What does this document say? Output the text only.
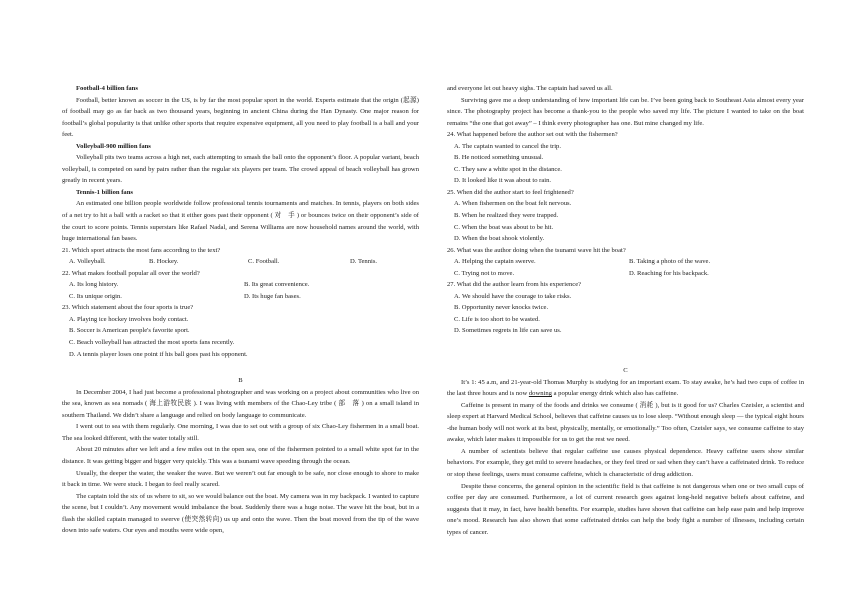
Football-4 billion fans

Football, better known as soccer in the US, is by far the most popular sport in the world. Experts estimate that the origin (起源) of football may go as far back as two thousand years, beginning in ancient China during the Han Dynasty. One major reason for football’s global popularity is that unlike other sports that require expensive equipment, all you need to play football is a ball and your feet.

Volleyball-900 million fans

Volleyball pits two teams across a high net, each attempting to smash the ball onto the opponent’s floor. A popular variant, beach volleyball, is competed on sand by pairs rather than the regular six players per team. The crowd appeal of beach volleyball has grown greatly in recent years.

Tennis-1 billion fans

An estimated one billion people worldwide follow professional tennis tournaments and matches. In tennis, players on both sides of a net try to hit a ball with a racket so that it either goes past their opponent ( 对　手 ) or bounces twice on their opponent’s side of the court to score points. Tennis superstars like Rafael Nadal, and Serena Williams are now household names around the world, with huge international fan bases.

21. Which sport attracts the most fans according to the text?
A. Volleyball.	B. Hockey.	C. Football.	D. Tennis.
22. What makes football popular all over the world?
A. Its long history.	B. Its great convenience.
C. Its unique origin.	D. Its huge fan bases.
23. Which statement about the four sports is true?
A. Playing ice hockey involves body contact.
B. Soccer is American people's favorite sport.
C. Beach volleyball has attracted the most sports fans recently.
D. A tennis player loses one point if his ball goes past his opponent.
B

In December 2004, I had just become a professional photographer and was working on a project about communities who live on the sea, known as sea nomads ( 海上游牧民族 ). I was living with members of the Chao-Ley tribe ( 部　落 ) on a small island in southern Thailand. We didn’t share a language and relied on body language to communicate.

I went out to sea with them regularly. One morning, I was due to set out with a group of six Chao-Ley fishermen in a small boat. The sea looked different, with the water totally still.

About 20 minutes after we left and a few miles out in the open sea, one of the fishermen pointed to a small white spot far in the distance. It was getting bigger and bigger very quickly. This was a tsunami wave speeding through the ocean.

Usually, the deeper the water, the weaker the wave. But we weren’t out far enough to be safe, nor close enough to shore to make it back in time. We were stuck. I began to feel really scared.

The captain told the six of us where to sit, so we would balance out the boat. My camera was in my backpack. I wanted to capture the scene, but I couldn’t. Any movement would imbalance the boat. Suddenly there was a huge noise. The wave hit the boat, but in a flash the skilled captain managed to swerve (使突然转向) us up and onto the wave. Then the boat moved from the tip of the wave down into safe waters. Our eyes and mouths were wide open,

and everyone let out heavy sighs. The captain had saved us all.

Surviving gave me a deep understanding of how important life can be. I’ve been going back to Southeast Asia almost every year since. The photography project has become a thank-you to the people who saved my life. The picture I wanted to take on the boat remains “the one that got away” – I think every photographer has one. But mine changed my life.

24. What happened before the author set out with the fishermen?
A. The captain wanted to cancel the trip.
B. He noticed something unusual.
C. They saw a white spot in the distance.
D. It looked like it was about to rain.
25. When did the author start to feel frightened?
A. When fishermen on the boat felt nervous.
B. When he realized they were trapped.
C. When the boat was about to be hit.
D. When the boat shook violently.
26. What was the author doing when the tsunami wave hit the boat?
A. Helping the captain swerve.	B. Taking a photo of the wave.
C. Trying not to move.	D. Reaching for his backpack.
27. What did the author learn from his experience?
A. We should have the courage to take risks.
B. Opportunity never knocks twice.
C. Life is too short to be wasted.
D. Sometimes regrets in life can save us.
C

It’s 1: 45 a.m, and 21-year-old Thomas Murphy is studying for an important exam. To stay awake, he’s had two cups of coffee in the last three hours and is now downing a popular energy drink which also has caffeine.

Caffeine is present in many of the foods and drinks we consume ( 消耗 ), but is it good for us? Charles Czeisler, a scientist and sleep expert at Harvard Medical School, believes that caffeine causes us to lose sleep. “Without enough sleep — the typical eight hours -the human body will not work at its best, physically, mentally, or emotionally.” Too often, Czeisler says, we consume caffeine to stay awake, which later makes it impossible for us to get the rest we need.

A number of scientists believe that regular caffeine use causes physical dependence. Heavy caffeine users show similar behaviors. For example, they get mild to severe headaches, or they feel tired or sad when they can’t have a caffeinated drink. To reduce or stop these feelings, users must consume caffeine, which is characteristic of drug addiction.

Despite these concerns, the general opinion in the scientific field is that caffeine is not dangerous when one or two small cups of coffee per day are consumed. Furthermore, a lot of current research goes against long-held negative beliefs about caffeine, and suggests that it may, in fact, have health benefits. For example, studies have shown that caffeine can help ease pain and help improve one’s mood. Research has also shown that some caffeinated drinks can help the body fight a number of illnesses, including certain types of cancer.
